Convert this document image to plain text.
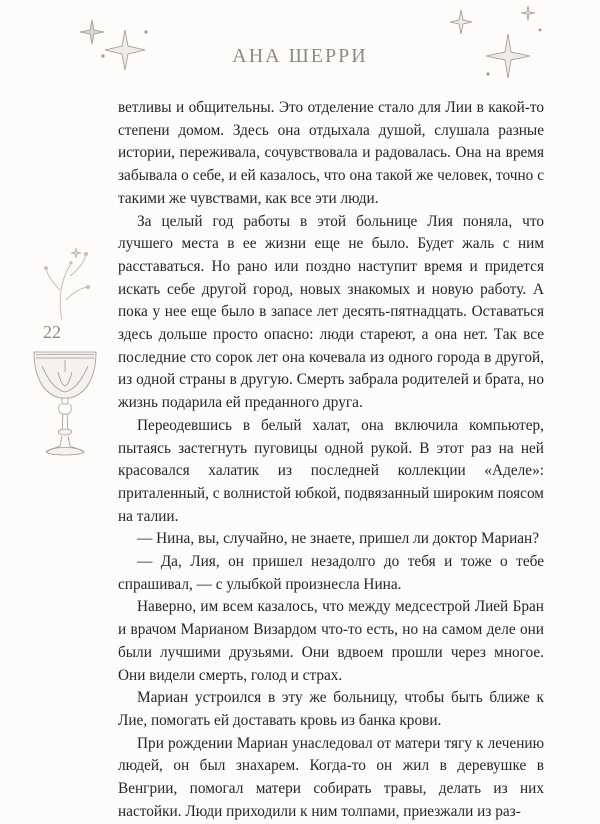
АНА ШЕРРИ
22

ветливы и общительны. Это отделение стало для Лии в какой-то степени домом. Здесь она отдыхала душой, слушала разные истории, переживала, сочувствовала и радовалась. Она на время забывала о себе, и ей казалось, что она такой же человек, точно с такими же чувствами, как все эти люди.

За целый год работы в этой больнице Лия поняла, что лучшего места в ее жизни еще не было. Будет жаль с ним расставаться. Но рано или поздно наступит время и придется искать себе другой город, новых знакомых и новую работу. А пока у нее еще было в запасе лет десять-пятнадцать. Оставаться здесь дольше просто опасно: люди стареют, а она нет. Так все последние сто сорок лет она кочевала из одного города в другой, из одной страны в другую. Смерть забрала родителей и брата, но жизнь подарила ей преданного друга.

Переодевшись в белый халат, она включила компьютер, пытаясь застегнуть пуговицы одной рукой. В этот раз на ней красовался халатик из последней коллекции «Аделе»: приталенный, с волнистой юбкой, подвязанный широким поясом на талии.

— Нина, вы, случайно, не знаете, пришел ли доктор Мариан?

— Да, Лия, он пришел незадолго до тебя и тоже о тебе спрашивал, — с улыбкой произнесла Нина.

Наверно, им всем казалось, что между медсестрой Лией Бран и врачом Марианом Визардом что-то есть, но на самом деле они были лучшими друзьями. Они вдвоем прошли через многое. Они видели смерть, голод и страх.

Мариан устроился в эту же больницу, чтобы быть ближе к Лие, помогать ей доставать кровь из банка крови.

При рождении Мариан унаследовал от матери тягу к лечению людей, он был знахарем. Когда-то он жил в деревушке в Венгрии, помогал матери собирать травы, делать из них настойки. Люди приходили к ним толпами, приезжали из раз-
